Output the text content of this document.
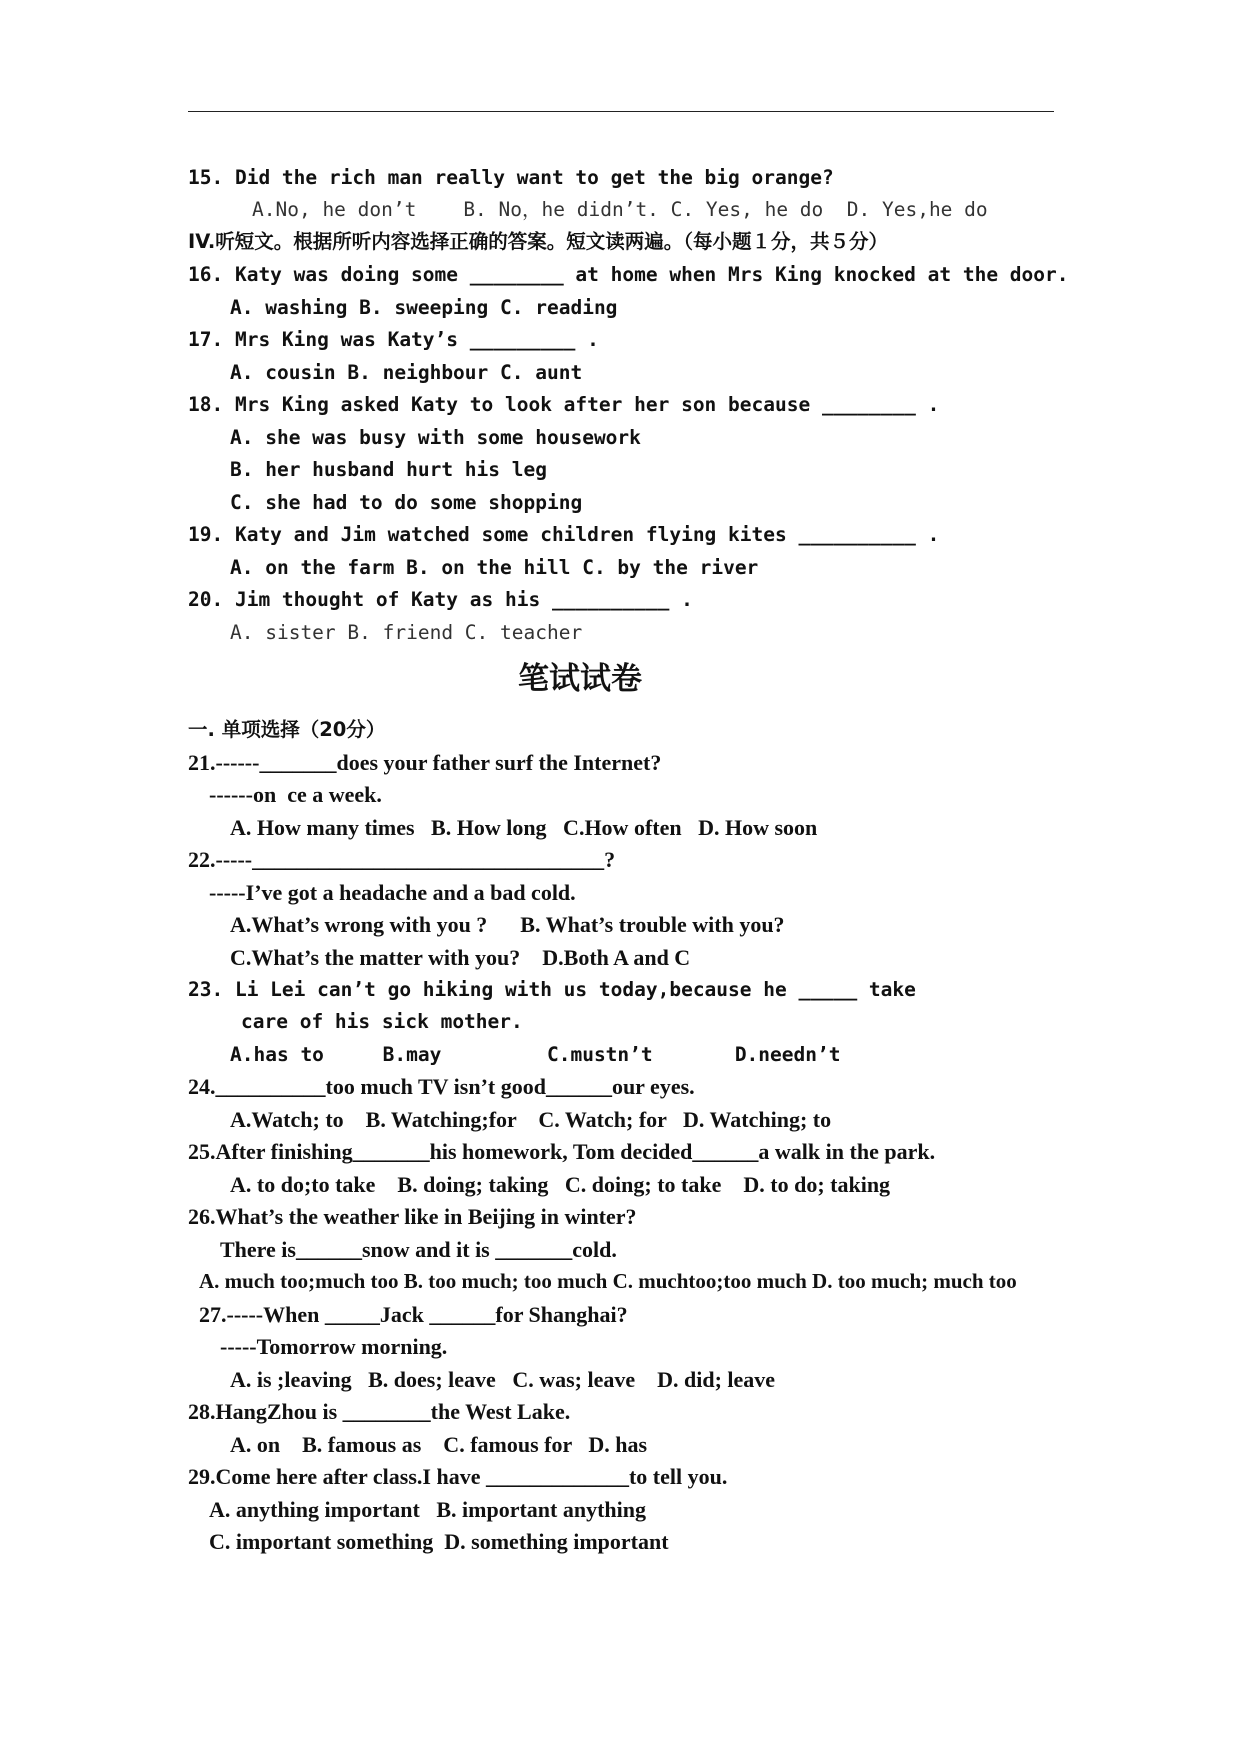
15. Did the rich man really want to get the big orange?
A.No, he don’t    B. No，he didn’t. C. Yes, he do  D. Yes,he do
IV.听短文。根据所听内容选择正确的答案。短文读两遍。（每小题１分，共５分）
16. Katy was doing some ________ at home when Mrs King knocked at the door.
A. washing B. sweeping C. reading
17. Mrs King was Katy’s _________ .
A. cousin B. neighbour C. aunt
18. Mrs King asked Katy to look after her son because ________ .
A. she was busy with some housework
B. her husband hurt his leg
C. she had to do some shopping
19. Katy and Jim watched some children flying kites __________ .
A. on the farm B. on the hill C. by the river
20. Jim thought of Katy as his __________ .
A. sister B. friend C. teacher
笔试试卷
一. 单项选择（20分）
21.------_______does your father surf the Internet?
------on  ce a week.
A. How many times   B. How long   C.How often   D. How soon
22.-----________________________________?
-----I’ve got a headache and a bad cold.
A.What’s wrong with you ?      B. What’s trouble with you?
C.What’s the matter with you?    D.Both A and C
23. Li Lei can’t go hiking with us today,because he _____ take
care of his sick mother.
A.has to     B.may         C.mustn’t       D.needn’t
24.__________too much TV isn’t good______our eyes.
A.Watch; to    B. Watching;for    C. Watch; for   D. Watching; to
25.After finishing_______his homework, Tom decided______a walk in the park.
A. to do;to take    B. doing; taking   C. doing; to take    D. to do; taking
26.What’s the weather like in Beijing in winter?
There is______snow and it is _______cold.
A. much too;much too B. too much; too much C. muchtoo;too much D. too much; much too
27.-----When _____Jack ______for Shanghai?
-----Tomorrow morning.
A. is ;leaving   B. does; leave   C. was; leave    D. did; leave
28.HangZhou is ________the West Lake.
A. on    B. famous as    C. famous for   D. has
29.Come here after class.I have _____________to tell you.
A. anything important   B. important anything
C. important something  D. something important
